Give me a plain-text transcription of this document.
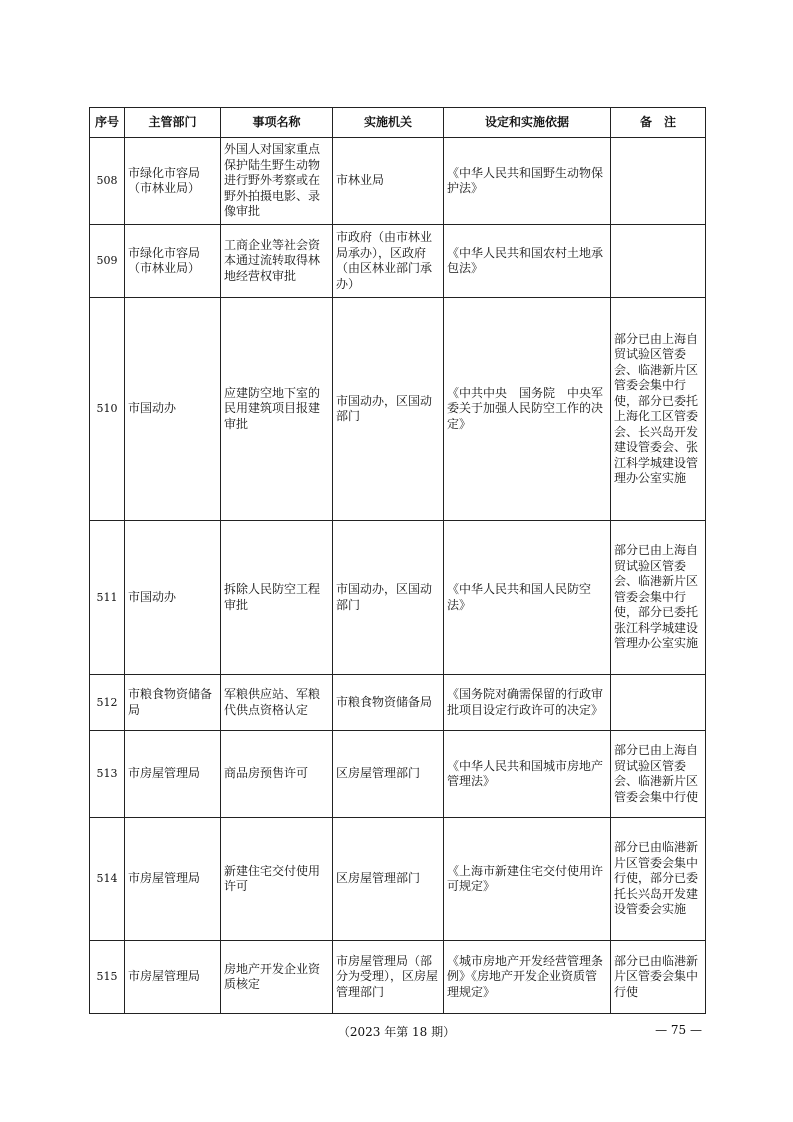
序号	主管部门	事项名称	实施机关	设定和实施依据	备　注
508	市绿化市容局（市林业局）	外国人对国家重点保护陆生野生动物进行野外考察或在野外拍摄电影、录像审批	市林业局	《中华人民共和国野生动物保护法》	
509	市绿化市容局（市林业局）	工商企业等社会资本通过流转取得林地经营权审批	市政府（由市林业局承办），区政府（由区林业部门承办）	《中华人民共和国农村土地承包法》	
510	市国动办	应建防空地下室的民用建筑项目报建审批	市国动办，区国动部门	《中共中央　国务院　中央军委关于加强人民防空工作的决定》	部分已由上海自贸试验区管委会、临港新片区管委会集中行使，部分已委托上海化工区管委会、长兴岛开发建设管委会、张江科学城建设管理办公室实施
511	市国动办	拆除人民防空工程审批	市国动办，区国动部门	《中华人民共和国人民防空法》	部分已由上海自贸试验区管委会、临港新片区管委会集中行使，部分已委托张江科学城建设管理办公室实施
512	市粮食物资储备局	军粮供应站、军粮代供点资格认定	市粮食物资储备局	《国务院对确需保留的行政审批项目设定行政许可的决定》	
513	市房屋管理局	商品房预售许可	区房屋管理部门	《中华人民共和国城市房地产管理法》	部分已由上海自贸试验区管委会、临港新片区管委会集中行使
514	市房屋管理局	新建住宅交付使用许可	区房屋管理部门	《上海市新建住宅交付使用许可规定》	部分已由临港新片区管委会集中行使，部分已委托长兴岛开发建设管委会实施
515	市房屋管理局	房地产开发企业资质核定	市房屋管理局（部分为受理），区房屋管理部门	《城市房地产开发经营管理条例》《房地产开发企业资质管理规定》	部分已由临港新片区管委会集中行使
（2023 年第 18 期）	— 75 —
